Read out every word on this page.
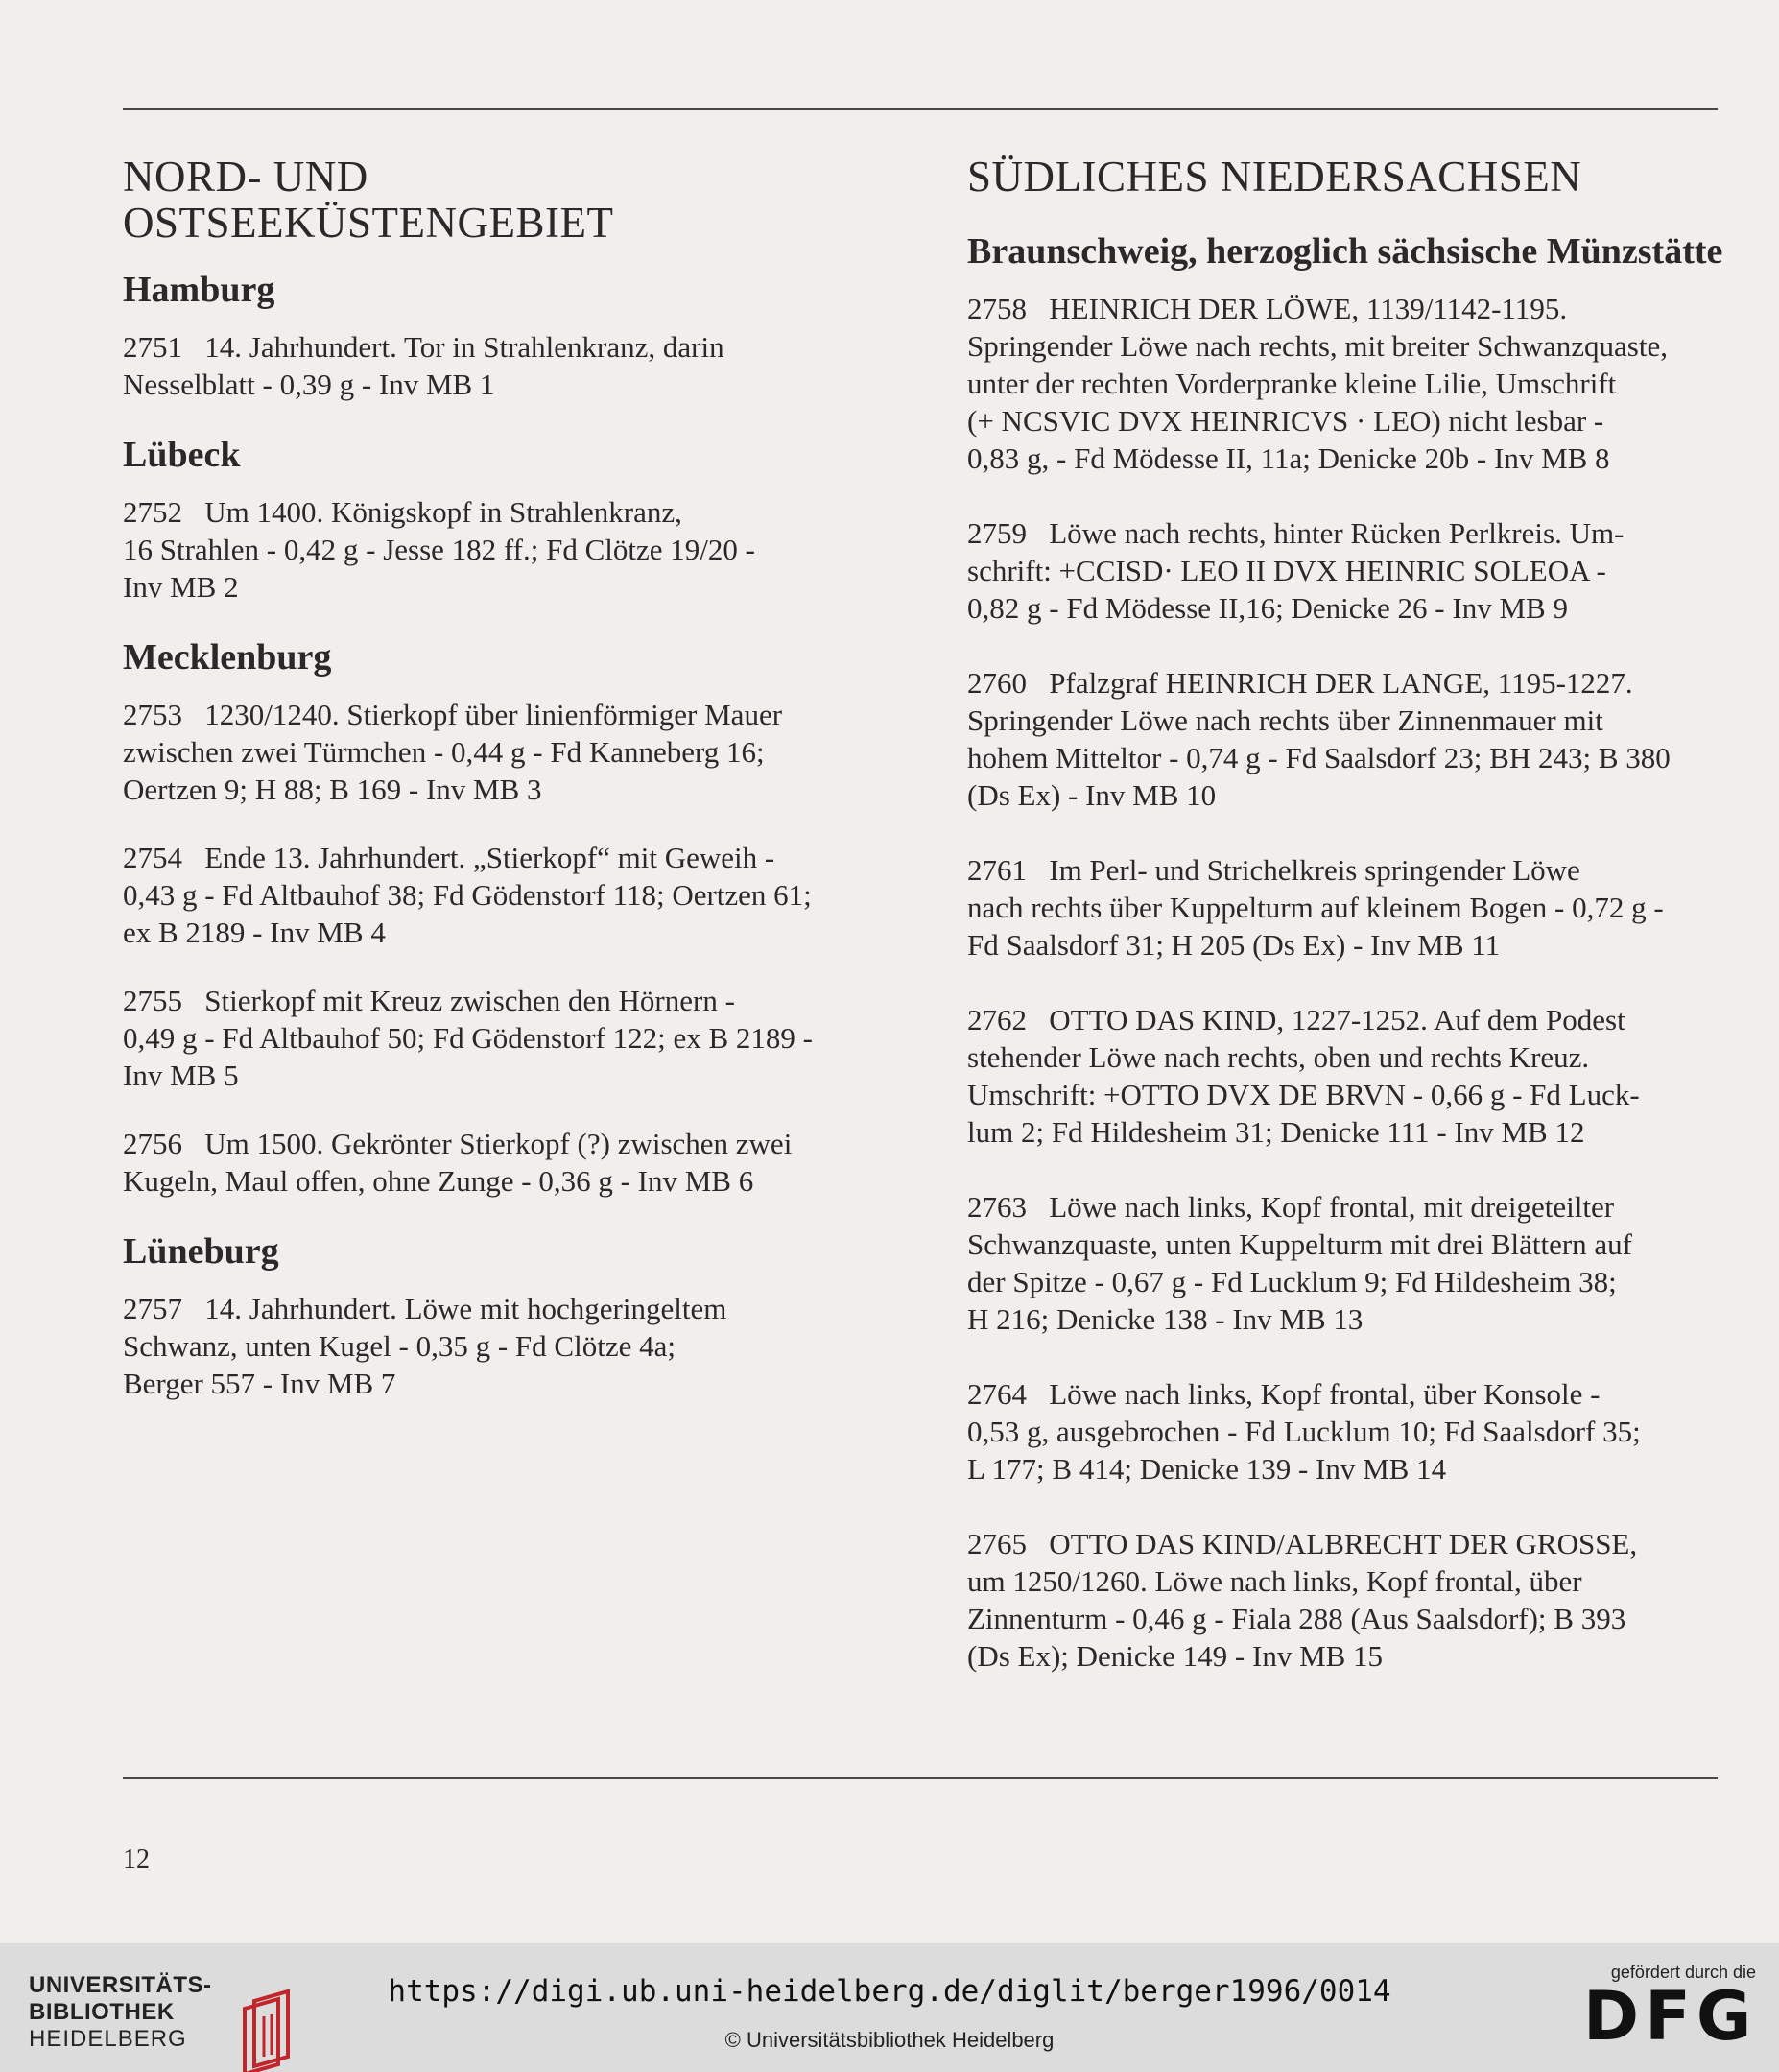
NORD- UND
OSTSEEKÜSTENGEBIET
Hamburg
2751   14. Jahrhundert. Tor in Strahlenkranz, darin
Nesselblatt - 0,39 g - Inv MB 1
Lübeck
2752   Um 1400. Königskopf in Strahlenkranz,
16 Strahlen - 0,42 g - Jesse 182 ff.; Fd Clötze 19/20 -
Inv MB 2
Mecklenburg
2753   1230/1240. Stierkopf über linienförmiger Mauer
zwischen zwei Türmchen - 0,44 g - Fd Kanneberg 16;
Oertzen 9; H 88; B 169 - Inv MB 3
2754   Ende 13. Jahrhundert. „Stierkopf“ mit Geweih -
0,43 g - Fd Altbauhof 38; Fd Gödenstorf 118; Oertzen 61;
ex B 2189 - Inv MB 4
2755   Stierkopf mit Kreuz zwischen den Hörnern -
0,49 g - Fd Altbauhof 50; Fd Gödenstorf 122; ex B 2189 -
Inv MB 5
2756   Um 1500. Gekrönter Stierkopf (?) zwischen zwei
Kugeln, Maul offen, ohne Zunge - 0,36 g - Inv MB 6
Lüneburg
2757   14. Jahrhundert. Löwe mit hochgeringeltem
Schwanz, unten Kugel - 0,35 g - Fd Clötze 4a;
Berger 557 - Inv MB 7
SÜDLICHES NIEDERSACHSEN
Braunschweig, herzoglich sächsische Münzstätte
2758   HEINRICH DER LÖWE, 1139/1142-1195.
Springender Löwe nach rechts, mit breiter Schwanzquaste,
unter der rechten Vorderpranke kleine Lilie, Umschrift
(+ NCSVIC DVX HEINRICVS · LEO) nicht lesbar -
0,83 g, - Fd Mödesse II, 11a; Denicke 20b - Inv MB 8
2759   Löwe nach rechts, hinter Rücken Perlkreis. Um-
schrift: +CCISD· LEO II DVX HEINRIC SOLEOA -
0,82 g - Fd Mödesse II,16; Denicke 26 - Inv MB 9
2760   Pfalzgraf HEINRICH DER LANGE, 1195-1227.
Springender Löwe nach rechts über Zinnenmauer mit
hohem Mitteltor - 0,74 g - Fd Saalsdorf 23; BH 243; B 380
(Ds Ex) - Inv MB 10
2761   Im Perl- und Strichelkreis springender Löwe
nach rechts über Kuppelturm auf kleinem Bogen - 0,72 g -
Fd Saalsdorf 31; H 205 (Ds Ex) - Inv MB 11
2762   OTTO DAS KIND, 1227-1252. Auf dem Podest
stehender Löwe nach rechts, oben und rechts Kreuz.
Umschrift: +OTTO DVX DE BRVN - 0,66 g - Fd Luck-
lum 2; Fd Hildesheim 31; Denicke 111 - Inv MB 12
2763   Löwe nach links, Kopf frontal, mit dreigeteilter
Schwanzquaste, unten Kuppelturm mit drei Blättern auf
der Spitze - 0,67 g - Fd Lucklum 9; Fd Hildesheim 38;
H 216; Denicke 138 - Inv MB 13
2764   Löwe nach links, Kopf frontal, über Konsole -
0,53 g, ausgebrochen - Fd Lucklum 10; Fd Saalsdorf 35;
L 177; B 414; Denicke 139 - Inv MB 14
2765   OTTO DAS KIND/ALBRECHT DER GROSSE,
um 1250/1260. Löwe nach links, Kopf frontal, über
Zinnenturm - 0,46 g - Fiala 288 (Aus Saalsdorf); B 393
(Ds Ex); Denicke 149 - Inv MB 15
12
UNIVERSITÄTS-
BIBLIOTHEK
HEIDELBERG
https://digi.ub.uni-heidelberg.de/diglit/berger1996/0014
© Universitätsbibliothek Heidelberg
gefördert durch die
DFG
